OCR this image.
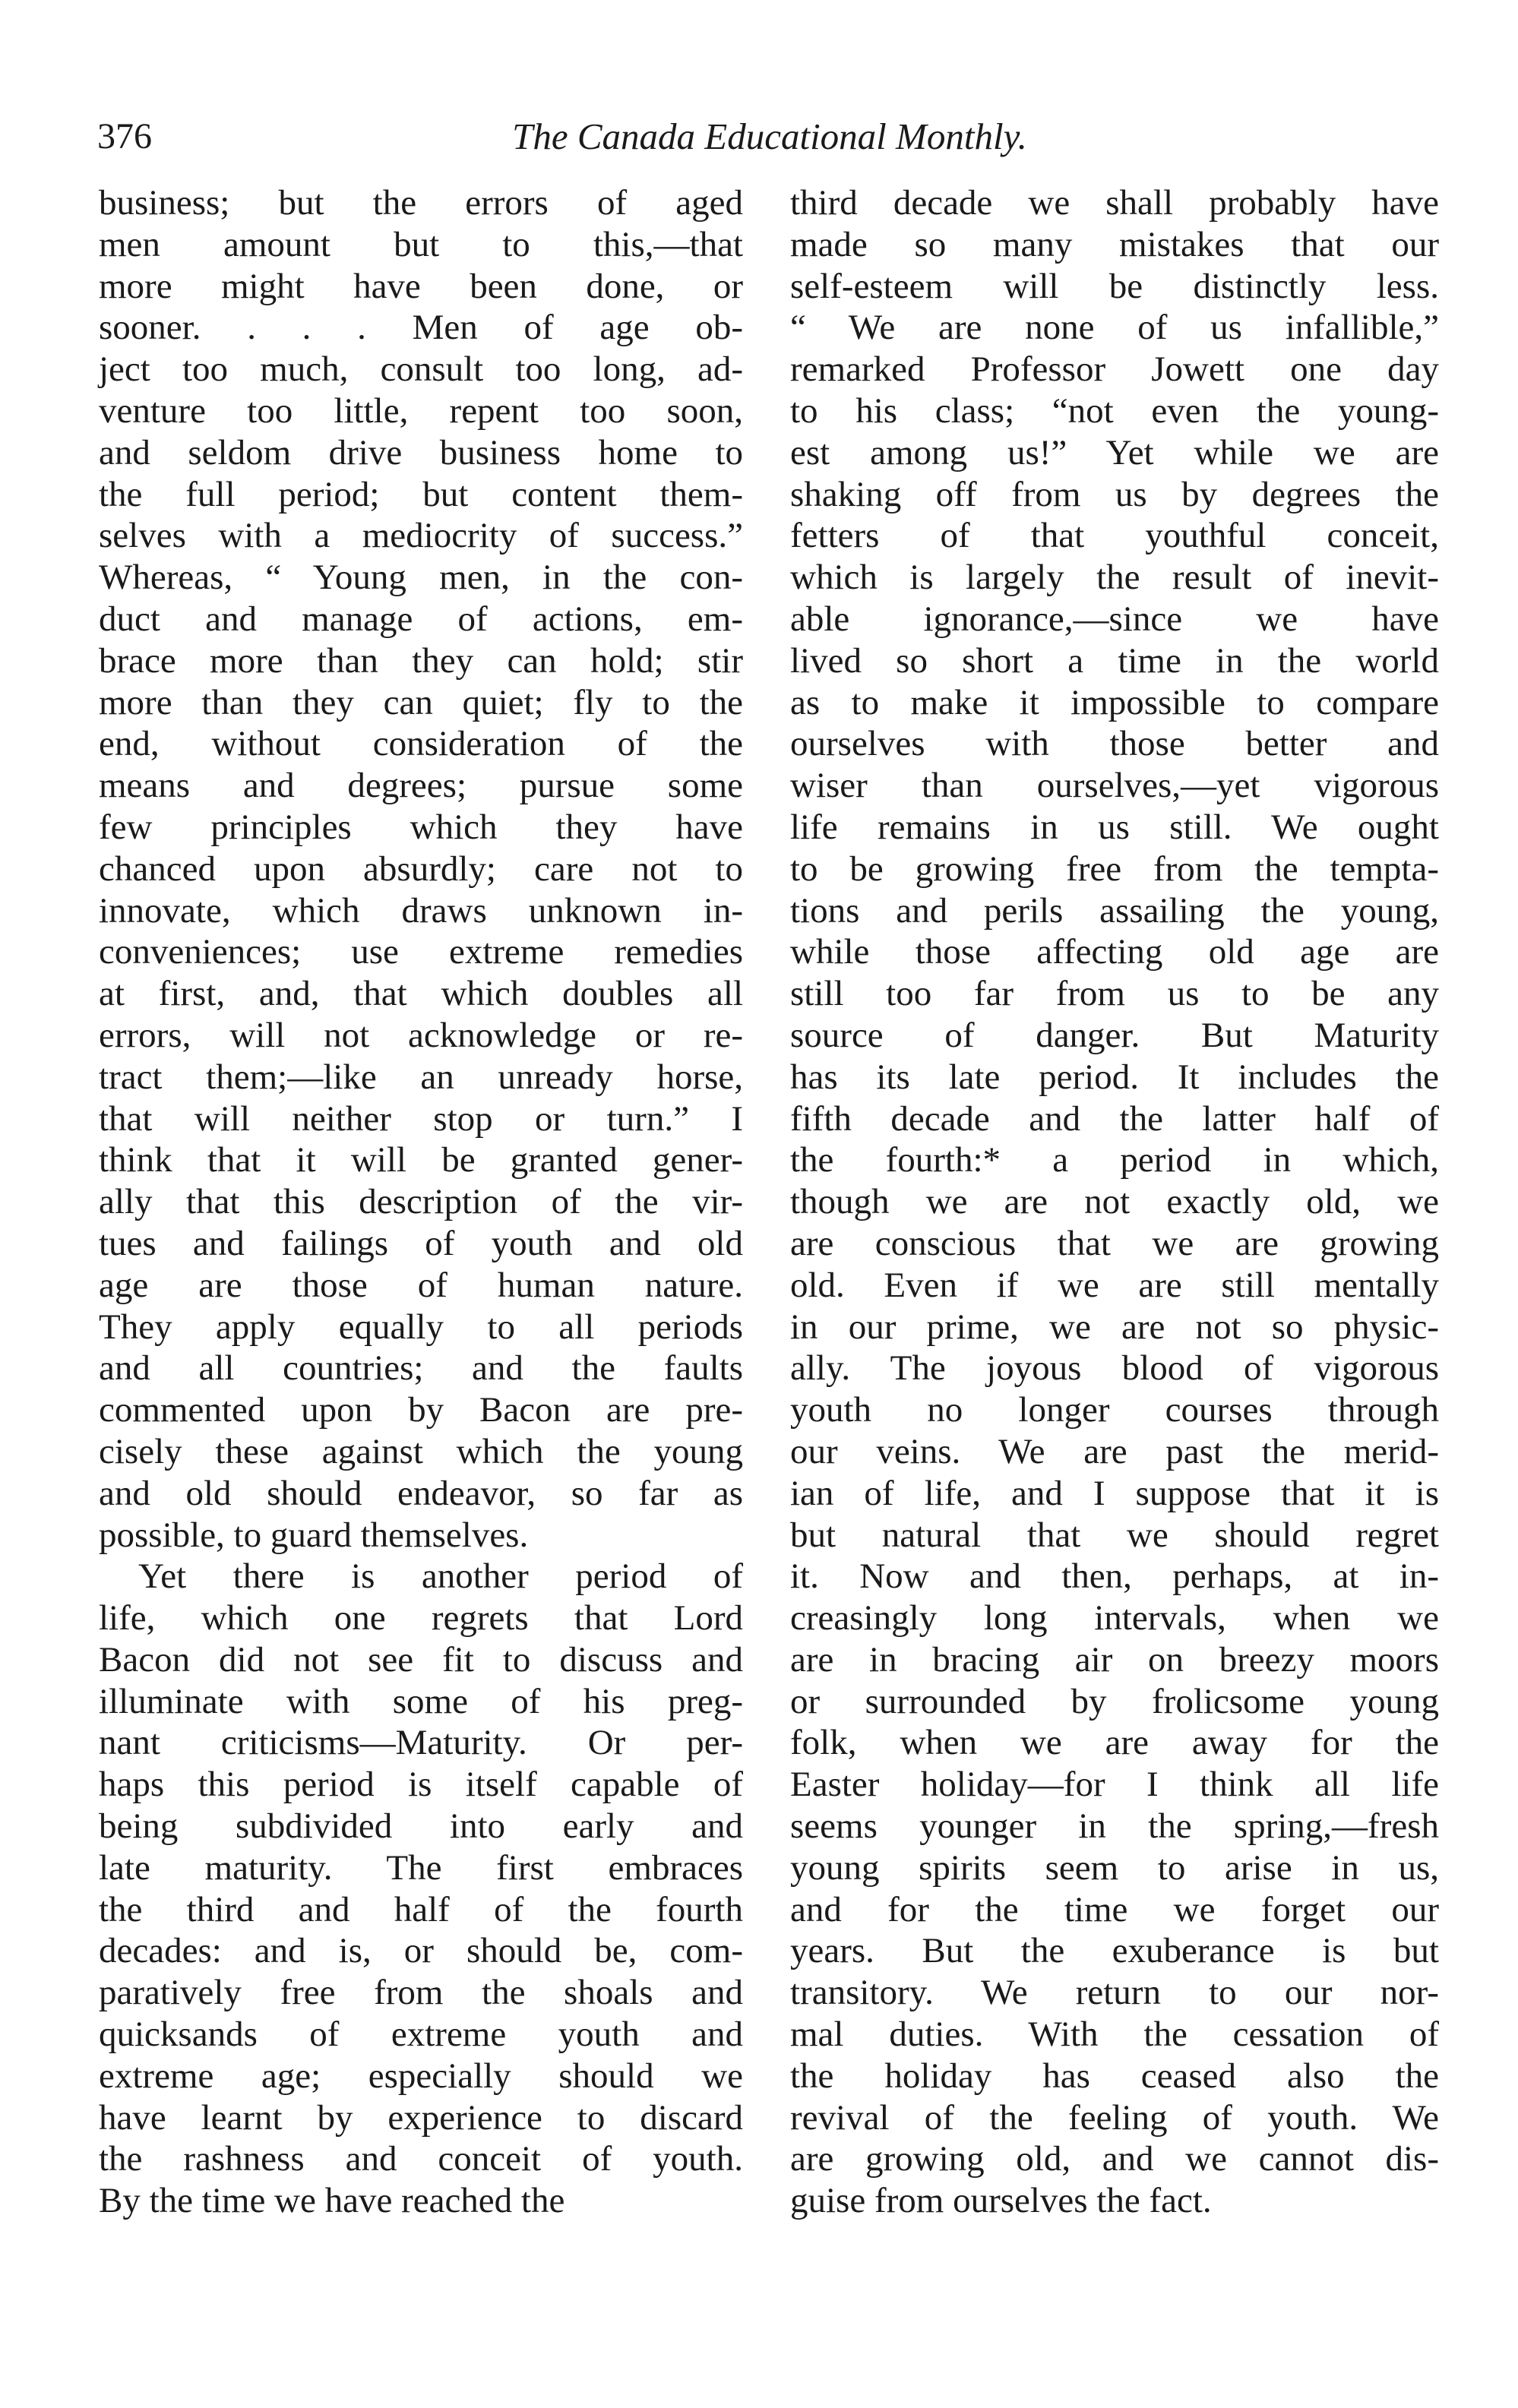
376	The Canada Educational Monthly.
business; but the errors of aged
men amount but to this,—that
more might have been done, or
sooner. . . . Men of age ob-
ject too much, consult too long, ad-
venture too little, repent too soon,
and seldom drive business home to
the full period; but content them-
selves with a mediocrity of success.”
Whereas, “ Young men, in the con-
duct and manage of actions, em-
brace more than they can hold; stir
more than they can quiet; fly to the
end, without consideration of the
means and degrees; pursue some
few principles which they have
chanced upon absurdly; care not to
innovate, which draws unknown in-
conveniences; use extreme remedies
at first, and, that which doubles all
errors, will not acknowledge or re-
tract them;—like an unready horse,
that will neither stop or turn.” I
think that it will be granted gener-
ally that this description of the vir-
tues and failings of youth and old
age are those of human nature.
They apply equally to all periods
and all countries; and the faults
commented upon by Bacon are pre-
cisely these against which the young
and old should endeavor, so far as
possible, to guard themselves.
Yet there is another period of
life, which one regrets that Lord
Bacon did not see fit to discuss and
illuminate with some of his preg-
nant criticisms—Maturity. Or per-
haps this period is itself capable of
being subdivided into early and
late maturity. The first embraces
the third and half of the fourth
decades: and is, or should be, com-
paratively free from the shoals and
quicksands of extreme youth and
extreme age; especially should we
have learnt by experience to discard
the rashness and conceit of youth.
By the time we have reached the
third decade we shall probably have
made so many mistakes that our
self-esteem will be distinctly less.
“ We are none of us infallible,”
remarked Professor Jowett one day
to his class; “not even the young-
est among us!” Yet while we are
shaking off from us by degrees the
fetters of that youthful conceit,
which is largely the result of inevit-
able ignorance,—since we have
lived so short a time in the world
as to make it impossible to compare
ourselves with those better and
wiser than ourselves,—yet vigorous
life remains in us still. We ought
to be growing free from the tempta-
tions and perils assailing the young,
while those affecting old age are
still too far from us to be any
source of danger. But Maturity
has its late period. It includes the
fifth decade and the latter half of
the fourth:* a period in which,
though we are not exactly old, we
are conscious that we are growing
old. Even if we are still mentally
in our prime, we are not so physic-
ally. The joyous blood of vigorous
youth no longer courses through
our veins. We are past the merid-
ian of life, and I suppose that it is
but natural that we should regret
it. Now and then, perhaps, at in-
creasingly long intervals, when we
are in bracing air on breezy moors
or surrounded by frolicsome young
folk, when we are away for the
Easter holiday—for I think all life
seems younger in the spring,—fresh
young spirits seem to arise in us,
and for the time we forget our
years. But the exuberance is but
transitory. We return to our nor-
mal duties. With the cessation of
the holiday has ceased also the
revival of the feeling of youth. We
are growing old, and we cannot dis-
guise from ourselves the fact.
